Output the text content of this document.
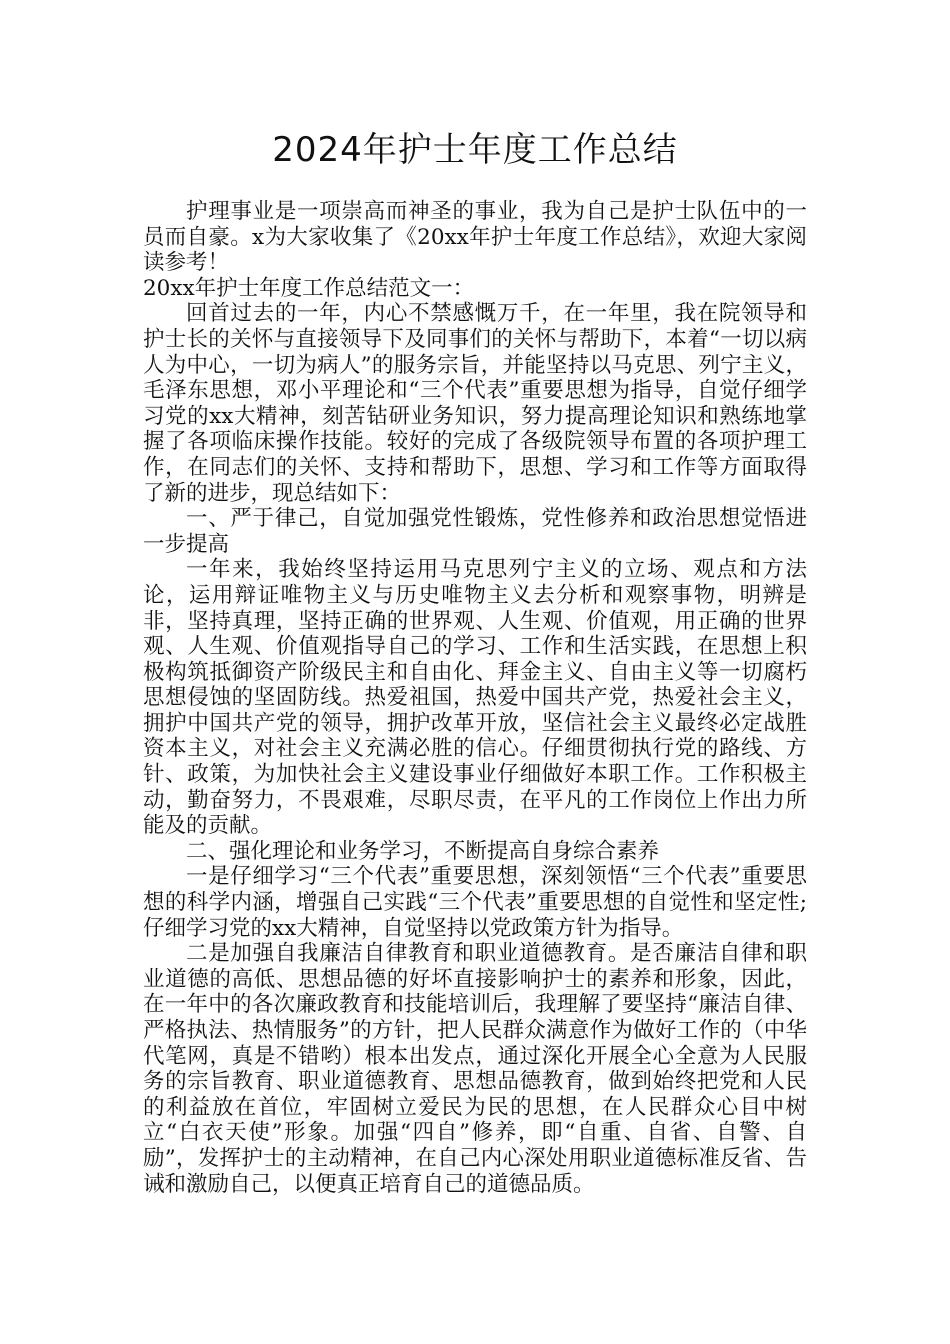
2024年护士年度工作总结

护理事业是一项崇高而神圣的事业，我为自己是护士队伍中的一员而自豪。x为大家收集了《20xx年护士年度工作总结》，欢迎大家阅读参考！

20xx年护士年度工作总结范文一：

回首过去的一年，内心不禁感慨万千，在一年里，我在院领导和护士长的关怀与直接领导下及同事们的关怀与帮助下，本着“一切以病人为中心，一切为病人”的服务宗旨，并能坚持以马克思、列宁主义，毛泽东思想，邓小平理论和“三个代表”重要思想为指导，自觉仔细学习党的xx大精神，刻苦钻研业务知识，努力提高理论知识和熟练地掌握了各项临床操作技能。较好的完成了各级院领导布置的各项护理工作，在同志们的关怀、支持和帮助下，思想、学习和工作等方面取得了新的进步，现总结如下：

一、严于律己，自觉加强党性锻炼，党性修养和政治思想觉悟进一步提高

一年来，我始终坚持运用马克思列宁主义的立场、观点和方法论，运用辩证唯物主义与历史唯物主义去分析和观察事物，明辨是非，坚持真理，坚持正确的世界观、人生观、价值观，用正确的世界观、人生观、价值观指导自己的学习、工作和生活实践，在思想上积极构筑抵御资产阶级民主和自由化、拜金主义、自由主义等一切腐朽思想侵蚀的坚固防线。热爱祖国，热爱中国共产党，热爱社会主义，拥护中国共产党的领导，拥护改革开放，坚信社会主义最终必定战胜资本主义，对社会主义充满必胜的信心。仔细贯彻执行党的路线、方针、政策，为加快社会主义建设事业仔细做好本职工作。工作积极主动，勤奋努力，不畏艰难，尽职尽责，在平凡的工作岗位上作出力所能及的贡献。

二、强化理论和业务学习，不断提高自身综合素养

一是仔细学习“三个代表”重要思想，深刻领悟“三个代表”重要思想的科学内涵，增强自己实践“三个代表”重要思想的自觉性和坚定性;仔细学习党的xx大精神，自觉坚持以党政策方针为指导。

二是加强自我廉洁自律教育和职业道德教育。是否廉洁自律和职业道德的高低、思想品德的好坏直接影响护士的素养和形象，因此，在一年中的各次廉政教育和技能培训后，我理解了要坚持“廉洁自律、严格执法、热情服务”的方针，把人民群众满意作为做好工作的（中华代笔网，真是不错哟）根本出发点，通过深化开展全心全意为人民服务的宗旨教育、职业道德教育、思想品德教育，做到始终把党和人民的利益放在首位，牢固树立爱民为民的思想，在人民群众心目中树立“白衣天使”形象。加强“四自”修养，即“自重、自省、自警、自励”，发挥护士的主动精神，在自己内心深处用职业道德标准反省、告诫和激励自己，以便真正培育自己的道德品质。
